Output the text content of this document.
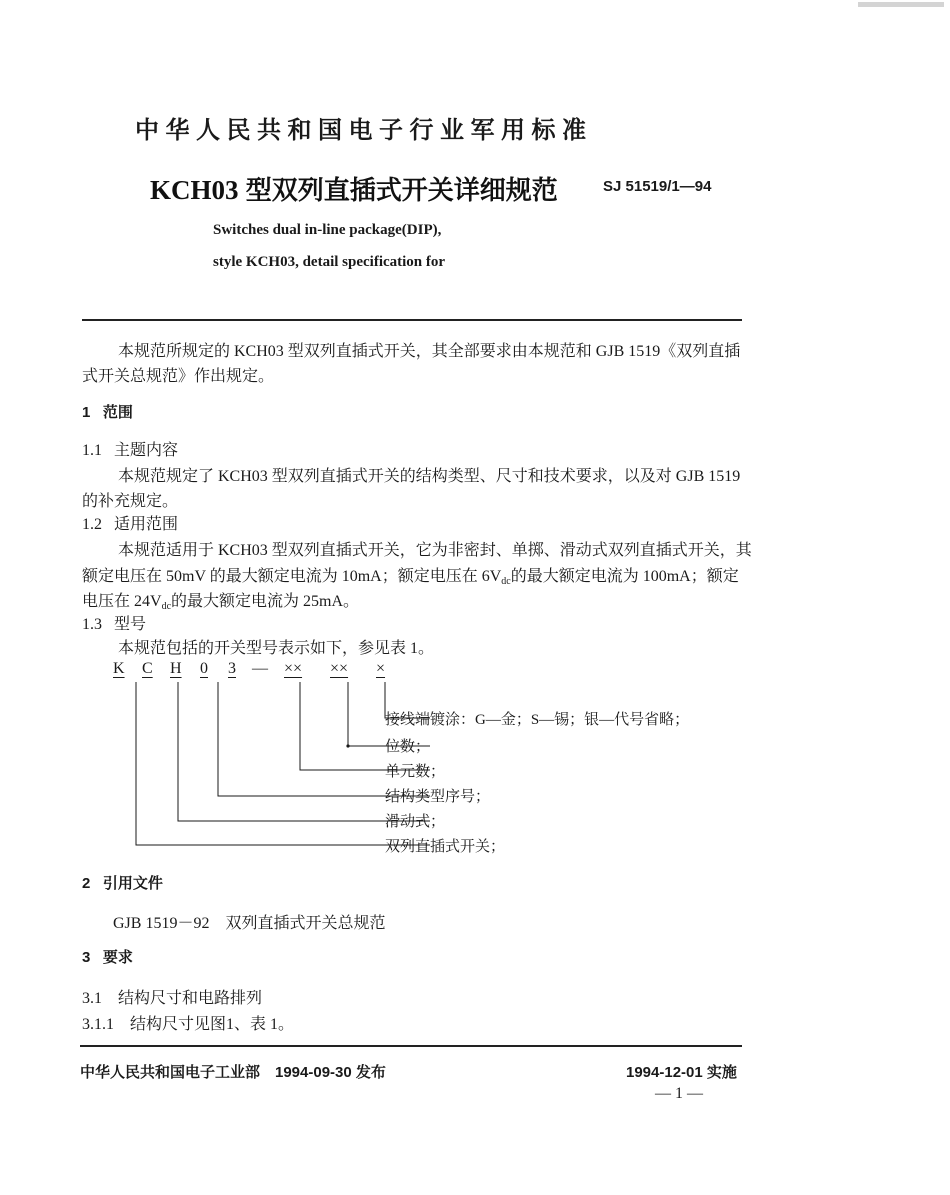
中华人民共和国电子行业军用标准
KCH03 型双列直插式开关详细规范	SJ 51519/1—94
Switches dual in-line package(DIP),
style KCH03, detail specification for
本规范所规定的 KCH03 型双列直插式开关，其全部要求由本规范和 GJB 1519《双列直插
式开关总规范》作出规定。
1 范围
1.1 主题内容
本规范规定了 KCH03 型双列直插式开关的结构类型、尺寸和技术要求，以及对 GJB 1519
的补充规定。
1.2 适用范围
本规范适用于 KCH03 型双列直插式开关，它为非密封、单掷、滑动式双列直插式开关，其
额定电压在 50mV 的最大额定电流为 10mA；额定电压在 $6V_{dc}$的最大额定电流为 100mA；额定
电压在 $24V_{dc}$的最大额定电流为 25mA。
1.3 型号
本规范包括的开关型号表示如下，参见表 1。
K C H 0 3 — ×× ×× ×
接线端镀涂：G—金；S—锡；银—代号省略；
位数；
单元数；
结构类型序号；
滑动式；
双列直插式开关；
2 引用文件
GJB 1519－92　双列直插式开关总规范
3 要求
3.1　结构尺寸和电路排列
3.1.1　结构尺寸见图1、表 1。
中华人民共和国电子工业部　1994-09-30 发布	1994-12-01 实施
— 1 —
